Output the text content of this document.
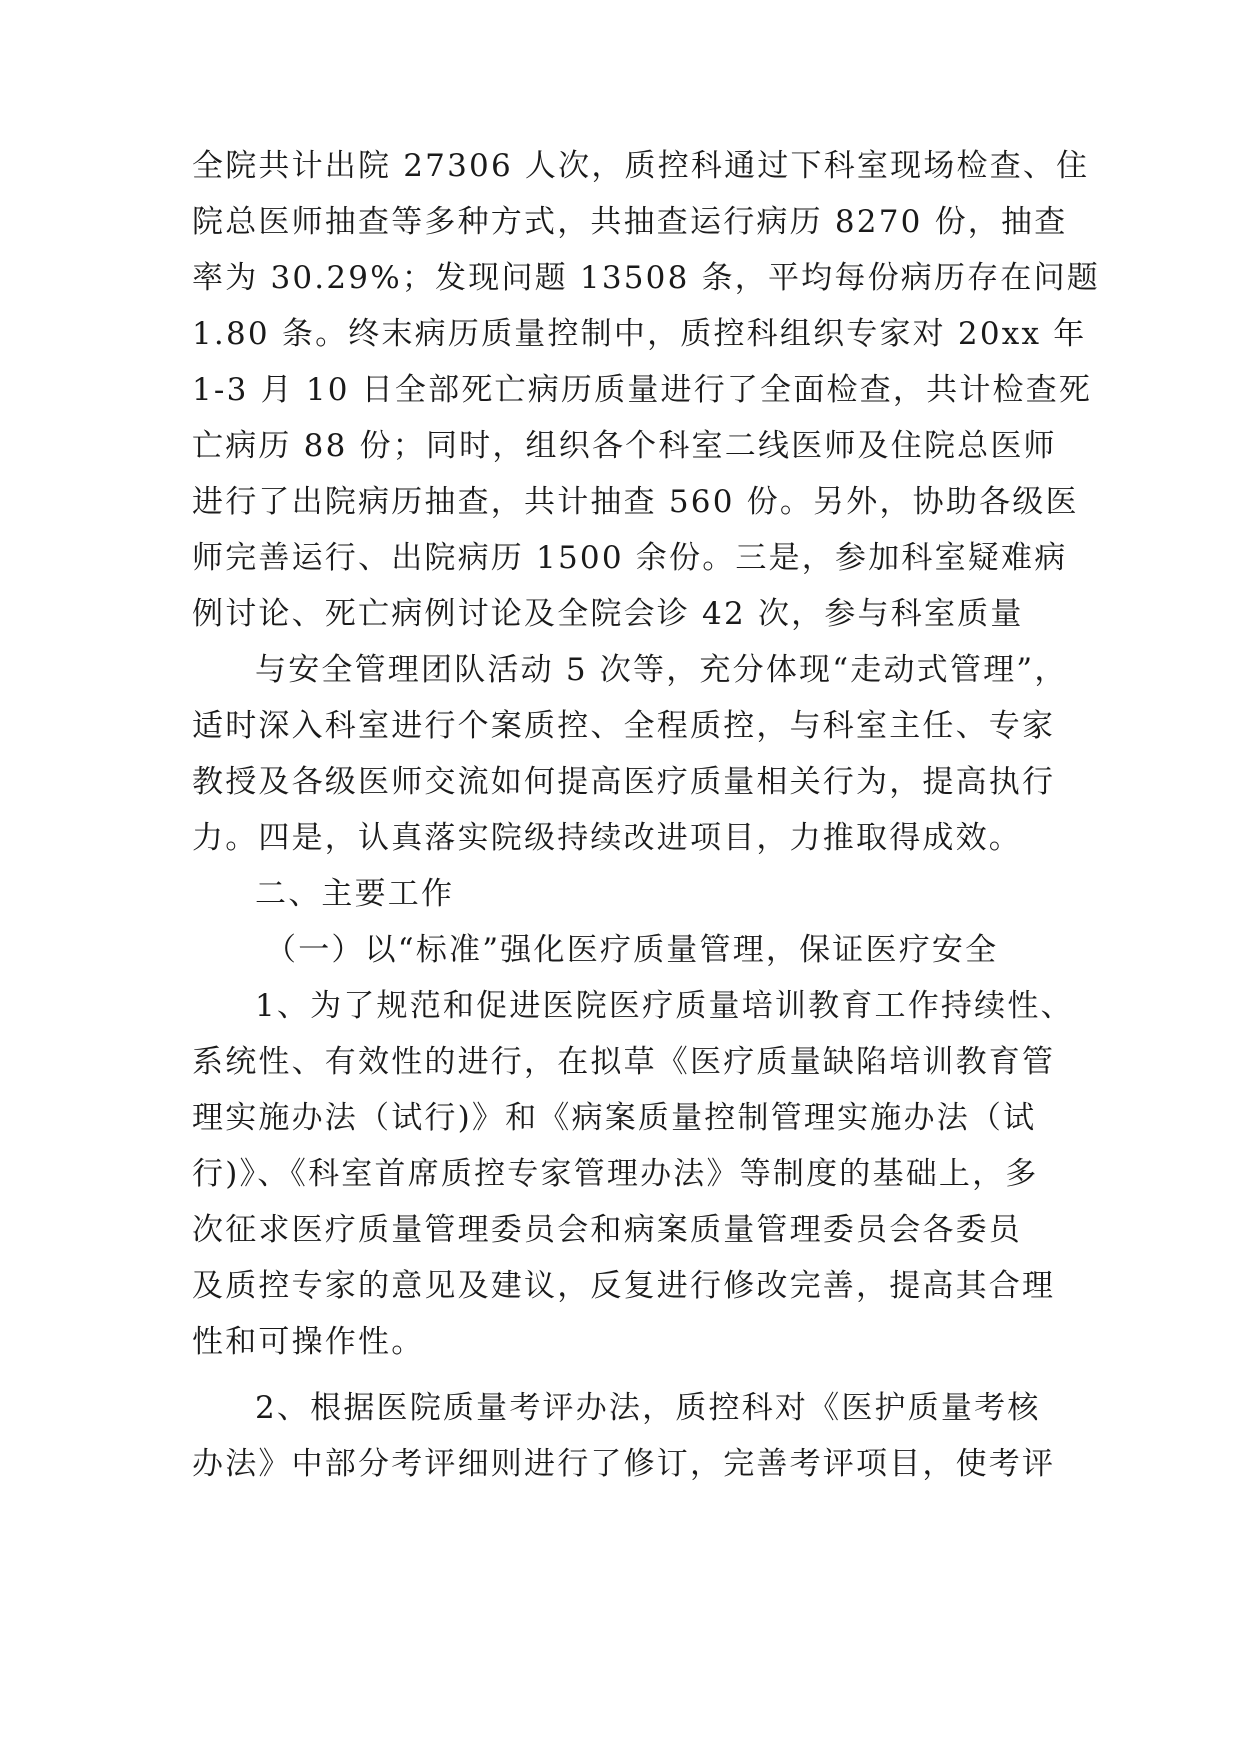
全院共计出院 27306 人次，质控科通过下科室现场检查、住
院总医师抽查等多种方式，共抽查运行病历 8270 份，抽查
率为 30.29%；发现问题 13508 条，平均每份病历存在问题
1.80 条。终末病历质量控制中，质控科组织专家对 20xx 年
1-3 月 10 日全部死亡病历质量进行了全面检查，共计检查死
亡病历 88 份；同时，组织各个科室二线医师及住院总医师
进行了出院病历抽查，共计抽查 560 份。另外，协助各级医
师完善运行、出院病历 1500 余份。三是，参加科室疑难病
例讨论、死亡病例讨论及全院会诊 42 次，参与科室质量
与安全管理团队活动 5 次等，充分体现“走动式管理”，
适时深入科室进行个案质控、全程质控，与科室主任、专家
教授及各级医师交流如何提高医疗质量相关行为，提高执行
力。四是，认真落实院级持续改进项目，力推取得成效。
二、主要工作
（一）以“标准”强化医疗质量管理，保证医疗安全
1、为了规范和促进医院医疗质量培训教育工作持续性、
系统性、有效性的进行，在拟草《医疗质量缺陷培训教育管
理实施办法（试行)》和《病案质量控制管理实施办法（试
行)》、《科室首席质控专家管理办法》等制度的基础上，多
次征求医疗质量管理委员会和病案质量管理委员会各委员
及质控专家的意见及建议，反复进行修改完善，提高其合理
性和可操作性。
2、根据医院质量考评办法，质控科对《医护质量考核
办法》中部分考评细则进行了修订，完善考评项目，使考评
